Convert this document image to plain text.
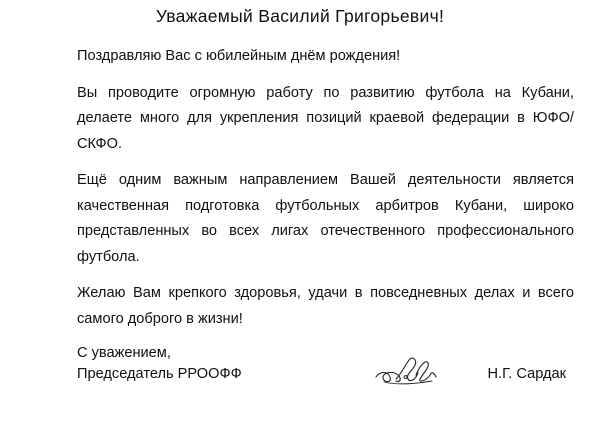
Уважаемый Василий Григорьевич!

Поздравляю Вас с юбилейным днём рождения!

Вы проводите огромную работу по развитию футбола на Кубани, делаете много для укрепления позиций краевой федерации в ЮФО/СКФО.

Ещё одним важным направлением Вашей деятельности является качественная подготовка футбольных арбитров Кубани, широко представленных во всех лигах отечественного профессионального футбола.

Желаю Вам крепкого здоровья, удачи в повседневных делах и всего самого доброго в жизни!

С уважением,
Председатель РРООФФ	Н.Г. Сардак
